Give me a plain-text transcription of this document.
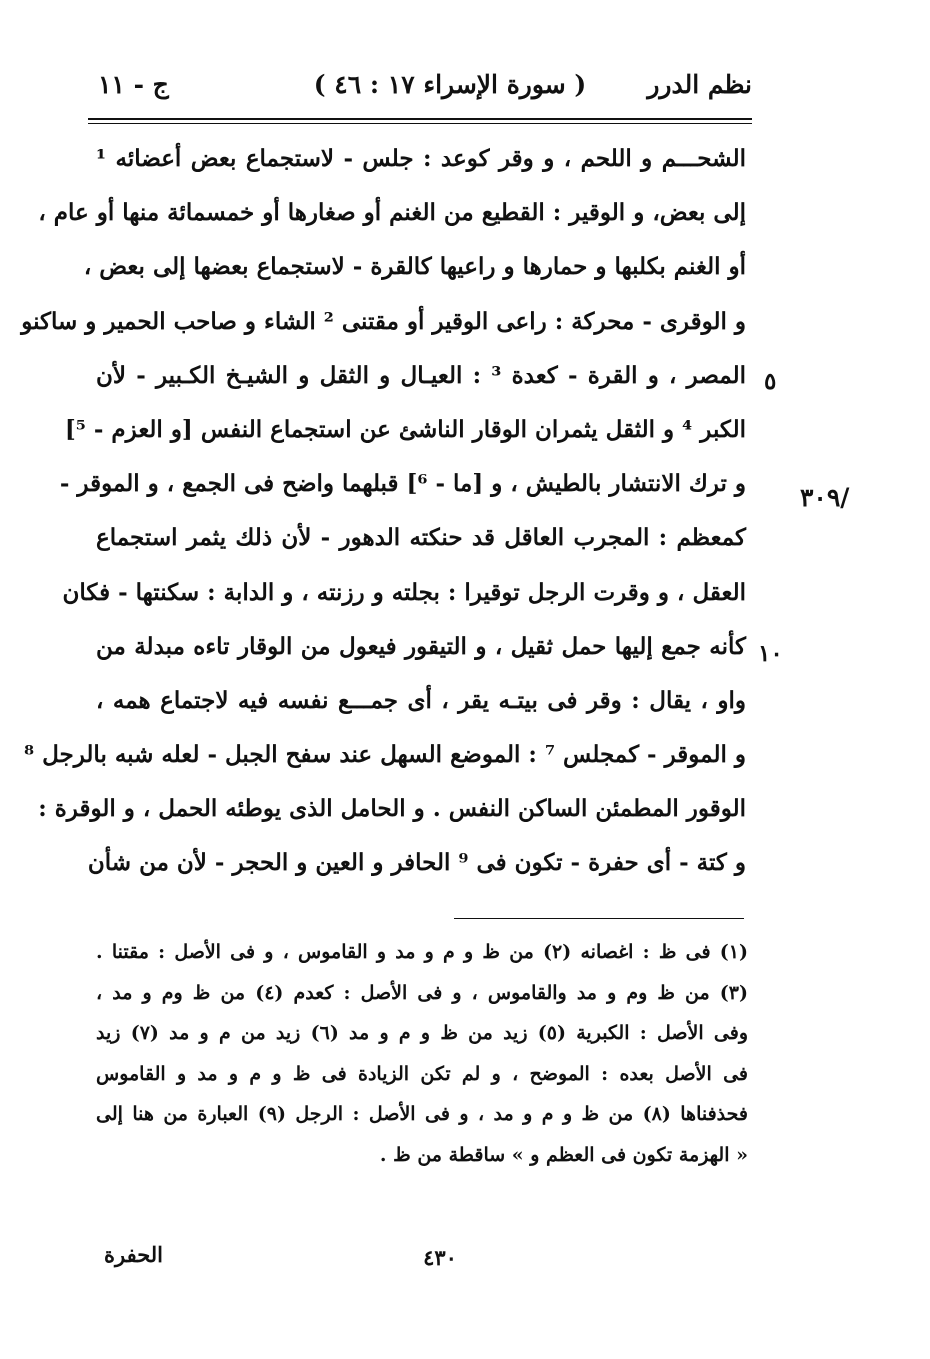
نظم الدرر
( سورة الإسراء ١٧ : ٤٦ )
ج - ١١
الشحـــم و اللحم ، و وقر كوعد : جلس - لاستجماع بعض أعضائه ¹
إلى بعض، و الوقير : القطيع من الغنم أو صغارها أو خمسمائة منها أو عام ،
أو الغنم بكلبها و حمارها و راعيها كالقرة - لاستجماع بعضها إلى بعض ،
و الوقرى - محركة : راعى الوقير أو مقتنى ² الشاء و صاحب الحمير و ساكنو
المصر ، و القرة - كعدة ³ : العيـال و الثقل و الشيـخ الكـبير - لأن
الكبر ⁴ و الثقل يثمران الوقار الناشئ عن استجماع النفس [و العزم - ⁵]
و ترك الانتشار بالطيش ، و [ما - ⁶] قبلهما واضح فى الجمع ، و الموقر -
كمعظم : المجرب العاقل قد حنكته الدهور - لأن ذلك يثمر استجماع
العقل ، و وقرت الرجل توقيرا : بجلته و رزنته ، و الدابة : سكنتها - فكان
كأنه جمع إليها حمل ثقيل ، و التيقور فيعول من الوقار تاءه مبدلة من
واو ، يقال : وقر فى بيتـه يقر ، أى جمـــع نفسه فيه لاجتماع همه ،
و الموقر - كمجلس ⁷ : الموضع السهل عند سفح الجبل - لعله شبه بالرجل ⁸
الوقور المطمئن الساكن النفس . و الحامل الذى يوطئه الحمل ، و الوقرة :
و كتة - أى حفرة - تكون فى ⁹ الحافر و العين و الحجر - لأن من شأن
٥
١٠
/٣٠٩
(١) فى ظ : اغصانه (٢) من ظ و م و مد و القاموس ، و فى الأصل : مقتنا .
(٣) من ظ وم و مد والقاموس ، و فى الأصل : كعدم (٤) من ظ وم و مد ،
وفى الأصل : الكبرية (٥) زيد من ظ و م و مد (٦) زيد من م و مد (٧) زيد
فى الأصل بعده : الموضح ، و لم تكن الزيادة فى ظ و م و مد و القاموس
فحذفناها (٨) من ظ و م و مد ، و فى الأصل : الرجل (٩) العبارة من هنا إلى
« الهزمة تكون فى العظم و » ساقطة من ظ .
٤٣٠
الحفرة
